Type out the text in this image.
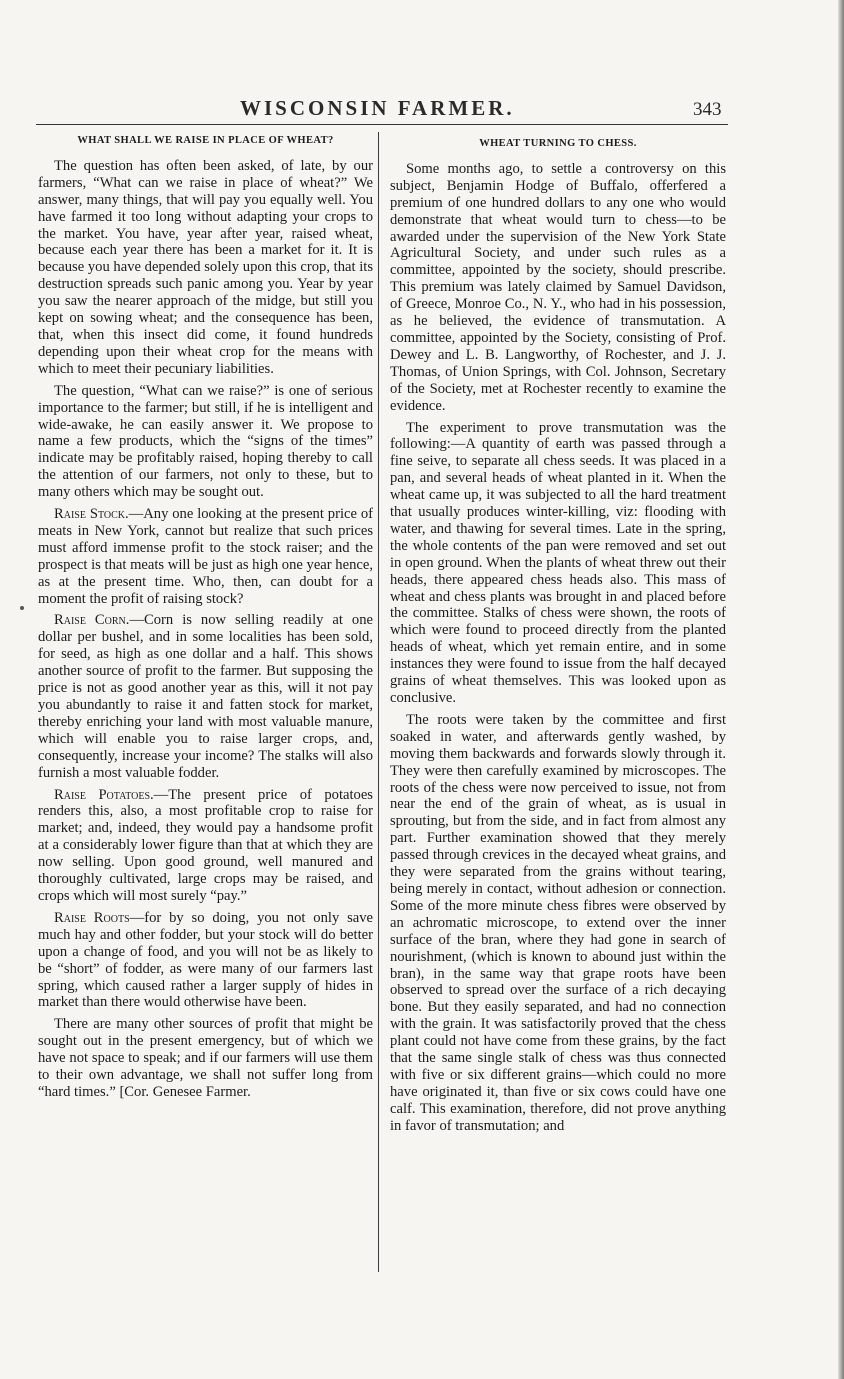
WISCONSIN FARMER.	343
WHAT SHALL WE RAISE IN PLACE OF WHEAT?

The question has often been asked, of late, by our farmers, “What can we raise in place of wheat?” We answer, many things, that will pay you equally well. You have farmed it too long without adapting your crops to the market. You have, year after year, raised wheat, because each year there has been a market for it. It is because you have depended solely upon this crop, that its destruction spreads such panic among you. Year by year you saw the nearer approach of the midge, but still you kept on sowing wheat; and the consequence has been, that, when this insect did come, it found hundreds depending upon their wheat crop for the means with which to meet their pecuniary liabilities.

The question, “What can we raise?” is one of serious importance to the farmer; but still, if he is intelligent and wide-awake, he can easily answer it. We propose to name a few products, which the “signs of the times” indicate may be profitably raised, hoping thereby to call the attention of our farmers, not only to these, but to many others which may be sought out.

Raise Stock.—Any one looking at the present price of meats in New York, cannot but realize that such prices must afford immense profit to the stock raiser; and the prospect is that meats will be just as high one year hence, as at the present time. Who, then, can doubt for a moment the profit of raising stock?

Raise Corn.—Corn is now selling readily at one dollar per bushel, and in some localities has been sold, for seed, as high as one dollar and a half. This shows another source of profit to the farmer. But supposing the price is not as good another year as this, will it not pay you abundantly to raise it and fatten stock for market, thereby enriching your land with most valuable manure, which will enable you to raise larger crops, and, consequently, increase your income? The stalks will also furnish a most valuable fodder.

Raise Potatoes.—The present price of potatoes renders this, also, a most profitable crop to raise for market; and, indeed, they would pay a handsome profit at a considerably lower figure than that at which they are now selling. Upon good ground, well manured and thoroughly cultivated, large crops may be raised, and crops which will most surely “pay.”

Raise Roots—for by so doing, you not only save much hay and other fodder, but your stock will do better upon a change of food, and you will not be as likely to be “short” of fodder, as were many of our farmers last spring, which caused rather a larger supply of hides in market than there would otherwise have been.

There are many other sources of profit that might be sought out in the present emergency, but of which we have not space to speak; and if our farmers will use them to their own advantage, we shall not suffer long from “hard times.” [Cor. Genesee Farmer.

WHEAT TURNING TO CHESS.

Some months ago, to settle a controversy on this subject, Benjamin Hodge of Buffalo, offerfered a premium of one hundred dollars to any one who would demonstrate that wheat would turn to chess—to be awarded under the supervision of the New York State Agricultural Society, and under such rules as a committee, appointed by the society, should prescribe. This premium was lately claimed by Samuel Davidson, of Greece, Monroe Co., N. Y., who had in his possession, as he believed, the evidence of transmutation. A committee, appointed by the Society, consisting of Prof. Dewey and L. B. Langworthy, of Rochester, and J. J. Thomas, of Union Springs, with Col. Johnson, Secretary of the Society, met at Rochester recently to examine the evidence.

The experiment to prove transmutation was the following:—A quantity of earth was passed through a fine seive, to separate all chess seeds. It was placed in a pan, and several heads of wheat planted in it. When the wheat came up, it was subjected to all the hard treatment that usually produces winter-killing, viz: flooding with water, and thawing for several times. Late in the spring, the whole contents of the pan were removed and set out in open ground. When the plants of wheat threw out their heads, there appeared chess heads also. This mass of wheat and chess plants was brought in and placed before the committee. Stalks of chess were shown, the roots of which were found to proceed directly from the planted heads of wheat, which yet remain entire, and in some instances they were found to issue from the half decayed grains of wheat themselves. This was looked upon as conclusive.

The roots were taken by the committee and first soaked in water, and afterwards gently washed, by moving them backwards and forwards slowly through it. They were then carefully examined by microscopes. The roots of the chess were now perceived to issue, not from near the end of the grain of wheat, as is usual in sprouting, but from the side, and in fact from almost any part. Further examination showed that they merely passed through crevices in the decayed wheat grains, and they were separated from the grains without tearing, being merely in contact, without adhesion or connection. Some of the more minute chess fibres were observed by an achromatic microscope, to extend over the inner surface of the bran, where they had gone in search of nourishment, (which is known to abound just within the bran), in the same way that grape roots have been observed to spread over the surface of a rich decaying bone. But they easily separated, and had no connection with the grain. It was satisfactorily proved that the chess plant could not have come from these grains, by the fact that the same single stalk of chess was thus connected with five or six different grains—which could no more have originated it, than five or six cows could have one calf. This examination, therefore, did not prove anything in favor of transmutation; and
